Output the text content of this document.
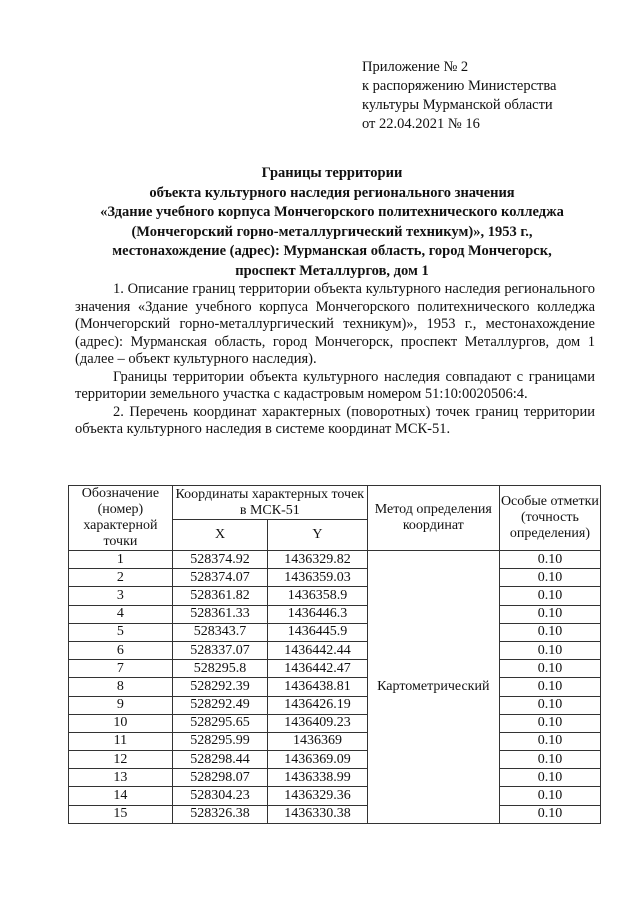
Приложение № 2
к распоряжению Министерства
культуры Мурманской области
от 22.04.2021 № 16
Границы территории
объекта культурного наследия регионального значения
«Здание учебного корпуса Мончегорского политехнического колледжа
(Мончегорский горно-металлургический техникум)», 1953 г.,
местонахождение (адрес): Мурманская область, город Мончегорск,
проспект Металлургов, дом 1

1. Описание границ территории объекта культурного наследия регионального значения «Здание учебного корпуса Мончегорского политехнического колледжа (Мончегорский горно-металлургический техникум)», 1953 г., местонахождение (адрес): Мурманская область, город Мончегорск, проспект Металлургов, дом 1 (далее – объект культурного наследия).

Границы территории объекта культурного наследия совпадают с границами территории земельного участка с кадастровым номером 51:10:0020506:4.

2. Перечень координат характерных (поворотных) точек границ территории объекта культурного наследия в системе координат МСК-51.

Обозначение (номер) характерной точки	Координаты характерных точек в МСК-51		Метод определения координат	Особые отметки (точность определения)
	X	Y		
1	528374.92	1436329.82	Картометрический	0.10
2	528374.07	1436359.03		0.10
3	528361.82	1436358.9		0.10
4	528361.33	1436446.3		0.10
5	528343.7	1436445.9		0.10
6	528337.07	1436442.44		0.10
7	528295.8	1436442.47		0.10
8	528292.39	1436438.81		0.10
9	528292.49	1436426.19		0.10
10	528295.65	1436409.23		0.10
11	528295.99	1436369		0.10
12	528298.44	1436369.09		0.10
13	528298.07	1436338.99		0.10
14	528304.23	1436329.36		0.10
15	528326.38	1436330.38		0.10
